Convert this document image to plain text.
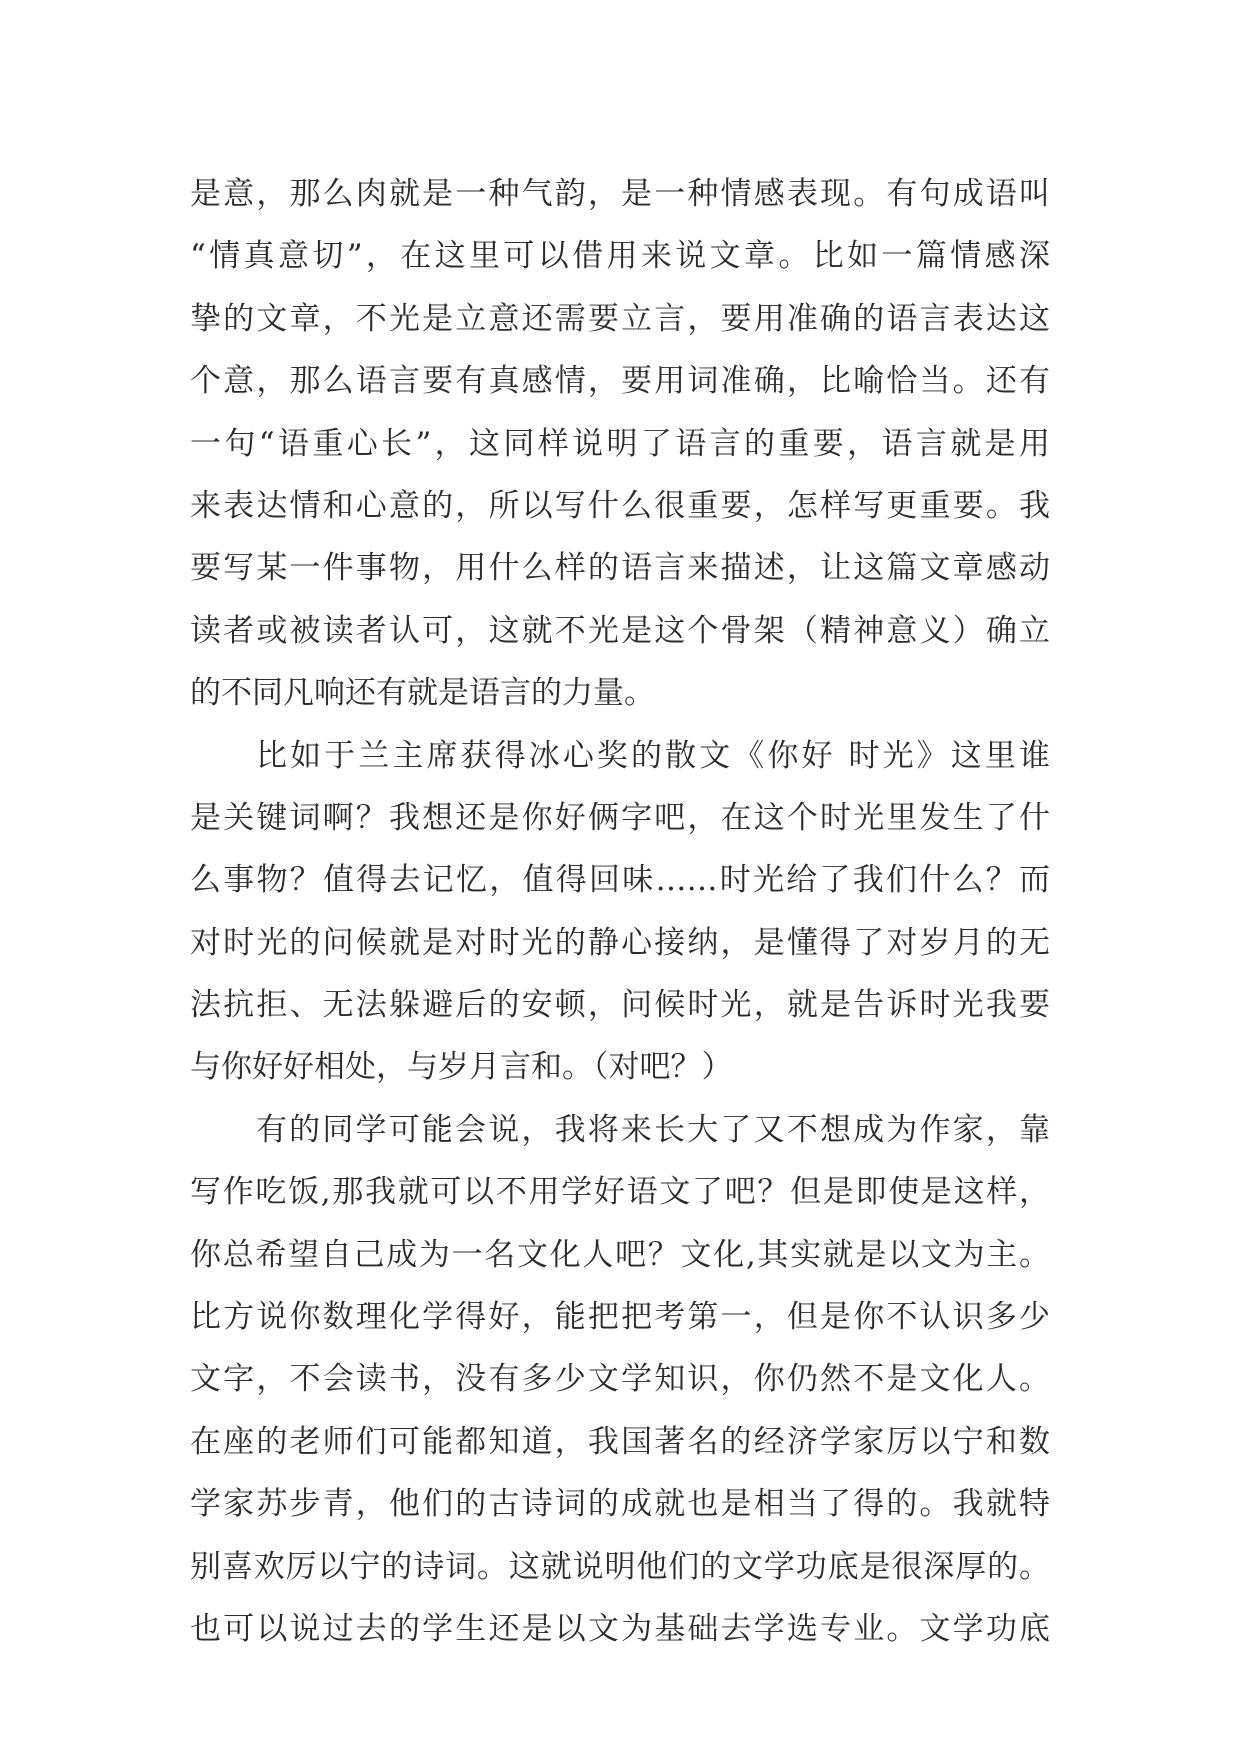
是意，那么肉就是一种气韵，是一种情感表现。有句成语叫
“情真意切”，在这里可以借用来说文章。比如一篇情感深
挚的文章，不光是立意还需要立言，要用准确的语言表达这
个意，那么语言要有真感情，要用词准确，比喻恰当。还有
一句“语重心长”，这同样说明了语言的重要，语言就是用
来表达情和心意的，所以写什么很重要，怎样写更重要。我
要写某一件事物，用什么样的语言来描述，让这篇文章感动
读者或被读者认可，这就不光是这个骨架（精神意义）确立
的不同凡响还有就是语言的力量。
比如于兰主席获得冰心奖的散文《你好 时光》这里谁
是关键词啊？我想还是你好俩字吧，在这个时光里发生了什
么事物？值得去记忆，值得回味……时光给了我们什么？而
对时光的问候就是对时光的静心接纳，是懂得了对岁月的无
法抗拒、无法躲避后的安顿，问候时光，就是告诉时光我要
与你好好相处，与岁月言和。（对吧？）
有的同学可能会说，我将来长大了又不想成为作家，靠
写作吃饭,那我就可以不用学好语文了吧？但是即使是这样，
你总希望自己成为一名文化人吧？文化,其实就是以文为主。
比方说你数理化学得好，能把把考第一，但是你不认识多少
文字，不会读书，没有多少文学知识，你仍然不是文化人。
在座的老师们可能都知道，我国著名的经济学家厉以宁和数
学家苏步青，他们的古诗词的成就也是相当了得的。我就特
别喜欢厉以宁的诗词。这就说明他们的文学功底是很深厚的。
也可以说过去的学生还是以文为基础去学选专业。文学功底
